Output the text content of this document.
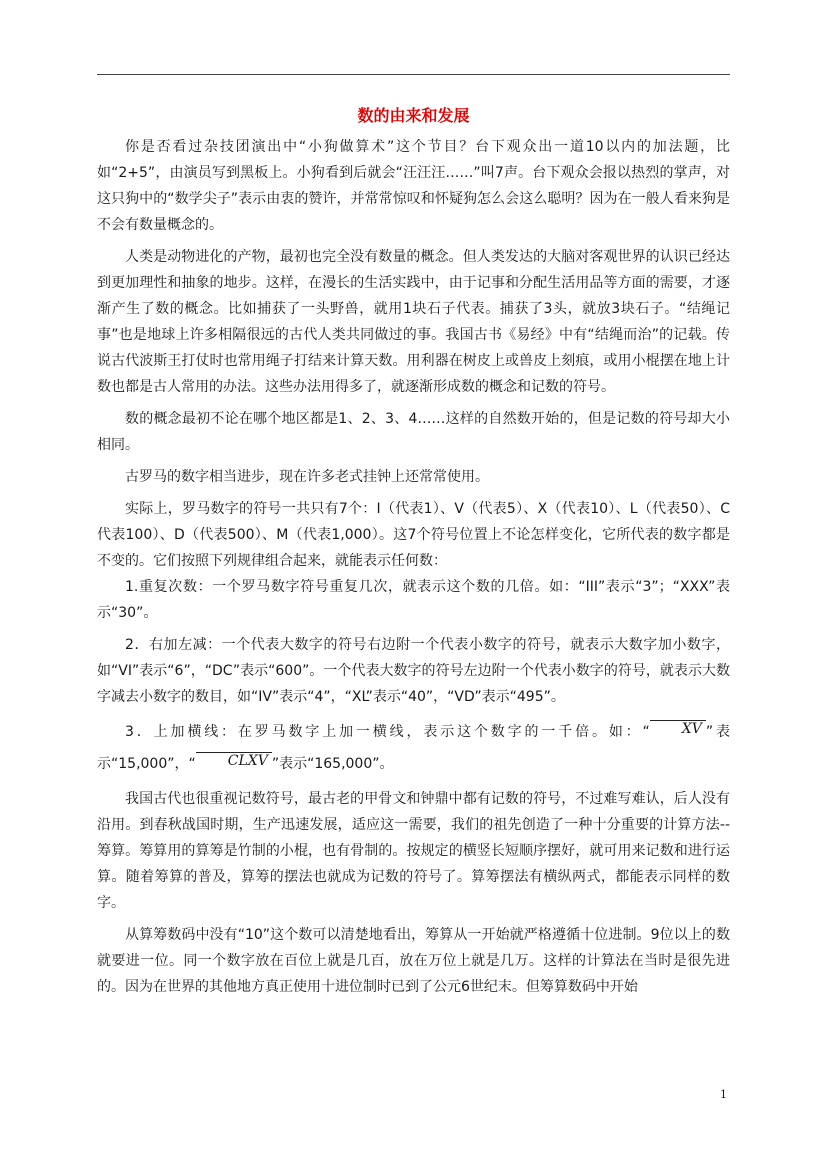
数的由来和发展

你是否看过杂技团演出中“小狗做算术”这个节目？台下观众出一道10以内的加法题，比如“2+5”，由演员写到黑板上。小狗看到后就会“汪汪汪……”叫7声。台下观众会报以热烈的掌声，对这只狗中的“数学尖子”表示由衷的赞许，并常常惊叹和怀疑狗怎么会这么聪明？因为在一般人看来狗是不会有数量概念的。

人类是动物进化的产物，最初也完全没有数量的概念。但人类发达的大脑对客观世界的认识已经达到更加理性和抽象的地步。这样，在漫长的生活实践中，由于记事和分配生活用品等方面的需要，才逐渐产生了数的概念。比如捕获了一头野兽，就用1块石子代表。捕获了3头，就放3块石子。“结绳记事”也是地球上许多相隔很远的古代人类共同做过的事。我国古书《易经》中有“结绳而治”的记载。传说古代波斯王打仗时也常用绳子打结来计算天数。用利器在树皮上或兽皮上刻痕，或用小棍摆在地上计数也都是古人常用的办法。这些办法用得多了，就逐渐形成数的概念和记数的符号。

数的概念最初不论在哪个地区都是1、2、3、4……这样的自然数开始的，但是记数的符号却大小相同。

古罗马的数字相当进步，现在许多老式挂钟上还常常使用。

实际上，罗马数字的符号一共只有7个：I（代表1）、V（代表5）、X（代表10）、L（代表50）、C代表100）、D（代表500）、M（代表1,000）。这7个符号位置上不论怎样变化，它所代表的数字都是不变的。它们按照下列规律组合起来，就能表示任何数：

1.重复次数：一个罗马数字符号重复几次，就表示这个数的几倍。如：“III”表示“3”；“XXX”表示“30”。

2．右加左减：一个代表大数字的符号右边附一个代表小数字的符号，就表示大数字加小数字，如“VI”表示“6”，“DC”表示“600”。一个代表大数字的符号左边附一个代表小数字的符号，就表示大数字减去小数字的数目，如“IV”表示“4”，“XL”表示“40”，“VD”表示“495”。

3．上加横线：在罗马数字上加一横线，表示这个数字的一千倍。如：“ XV ”表示“15,000”，“ CLXV ”表示“165,000”。

我国古代也很重视记数符号，最古老的甲骨文和钟鼎中都有记数的符号，不过难写难认，后人没有沿用。到春秋战国时期，生产迅速发展，适应这一需要，我们的祖先创造了一种十分重要的计算方法--筹算。筹算用的算筹是竹制的小棍，也有骨制的。按规定的横竖长短顺序摆好，就可用来记数和进行运算。随着筹算的普及，算筹的摆法也就成为记数的符号了。算筹摆法有横纵两式，都能表示同样的数字。

从算筹数码中没有“10”这个数可以清楚地看出，筹算从一开始就严格遵循十位进制。9位以上的数就要进一位。同一个数字放在百位上就是几百，放在万位上就是几万。这样的计算法在当时是很先进的。因为在世界的其他地方真正使用十进位制时已到了公元6世纪末。但筹算数码中开始

1
